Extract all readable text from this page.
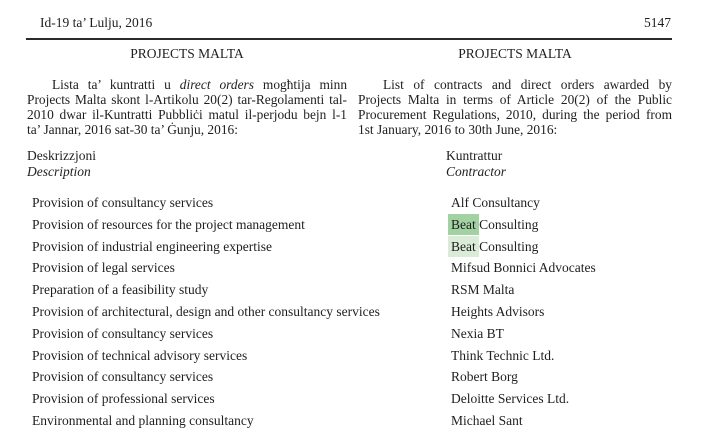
Id-19 ta’ Lulju, 2016	5147
PROJECTS MALTA

Lista ta’ kuntratti u direct orders mogħtija minn Projects Malta skont l-Artikolu 20(2) tar-Regolamenti tal-2010 dwar il-Kuntratti Pubbliċi matul il-perjodu bejn l-1 ta’ Jannar, 2016 sat-30 ta’ Ġunju, 2016:

PROJECTS MALTA

List of contracts and direct orders awarded by Projects Malta in terms of Article 20(2) of the Public Procurement Regulations, 2010, during the period from 1st January, 2016 to 30th June, 2016:

Deskrizzjoni
Description
Kuntrattur
Contractor
Provision of consultancy services	Alf Consultancy
Provision of resources for the project management	Beat Consulting
Provision of industrial engineering expertise	Beat Consulting
Provision of legal services	Mifsud Bonnici Advocates
Preparation of a feasibility study	RSM Malta
Provision of architectural, design and other consultancy services	Heights Advisors
Provision of consultancy services	Nexia BT
Provision of technical advisory services	Think Technic Ltd.
Provision of consultancy services	Robert Borg
Provision of professional services	Deloitte Services Ltd.
Environmental and planning consultancy	Michael Sant
